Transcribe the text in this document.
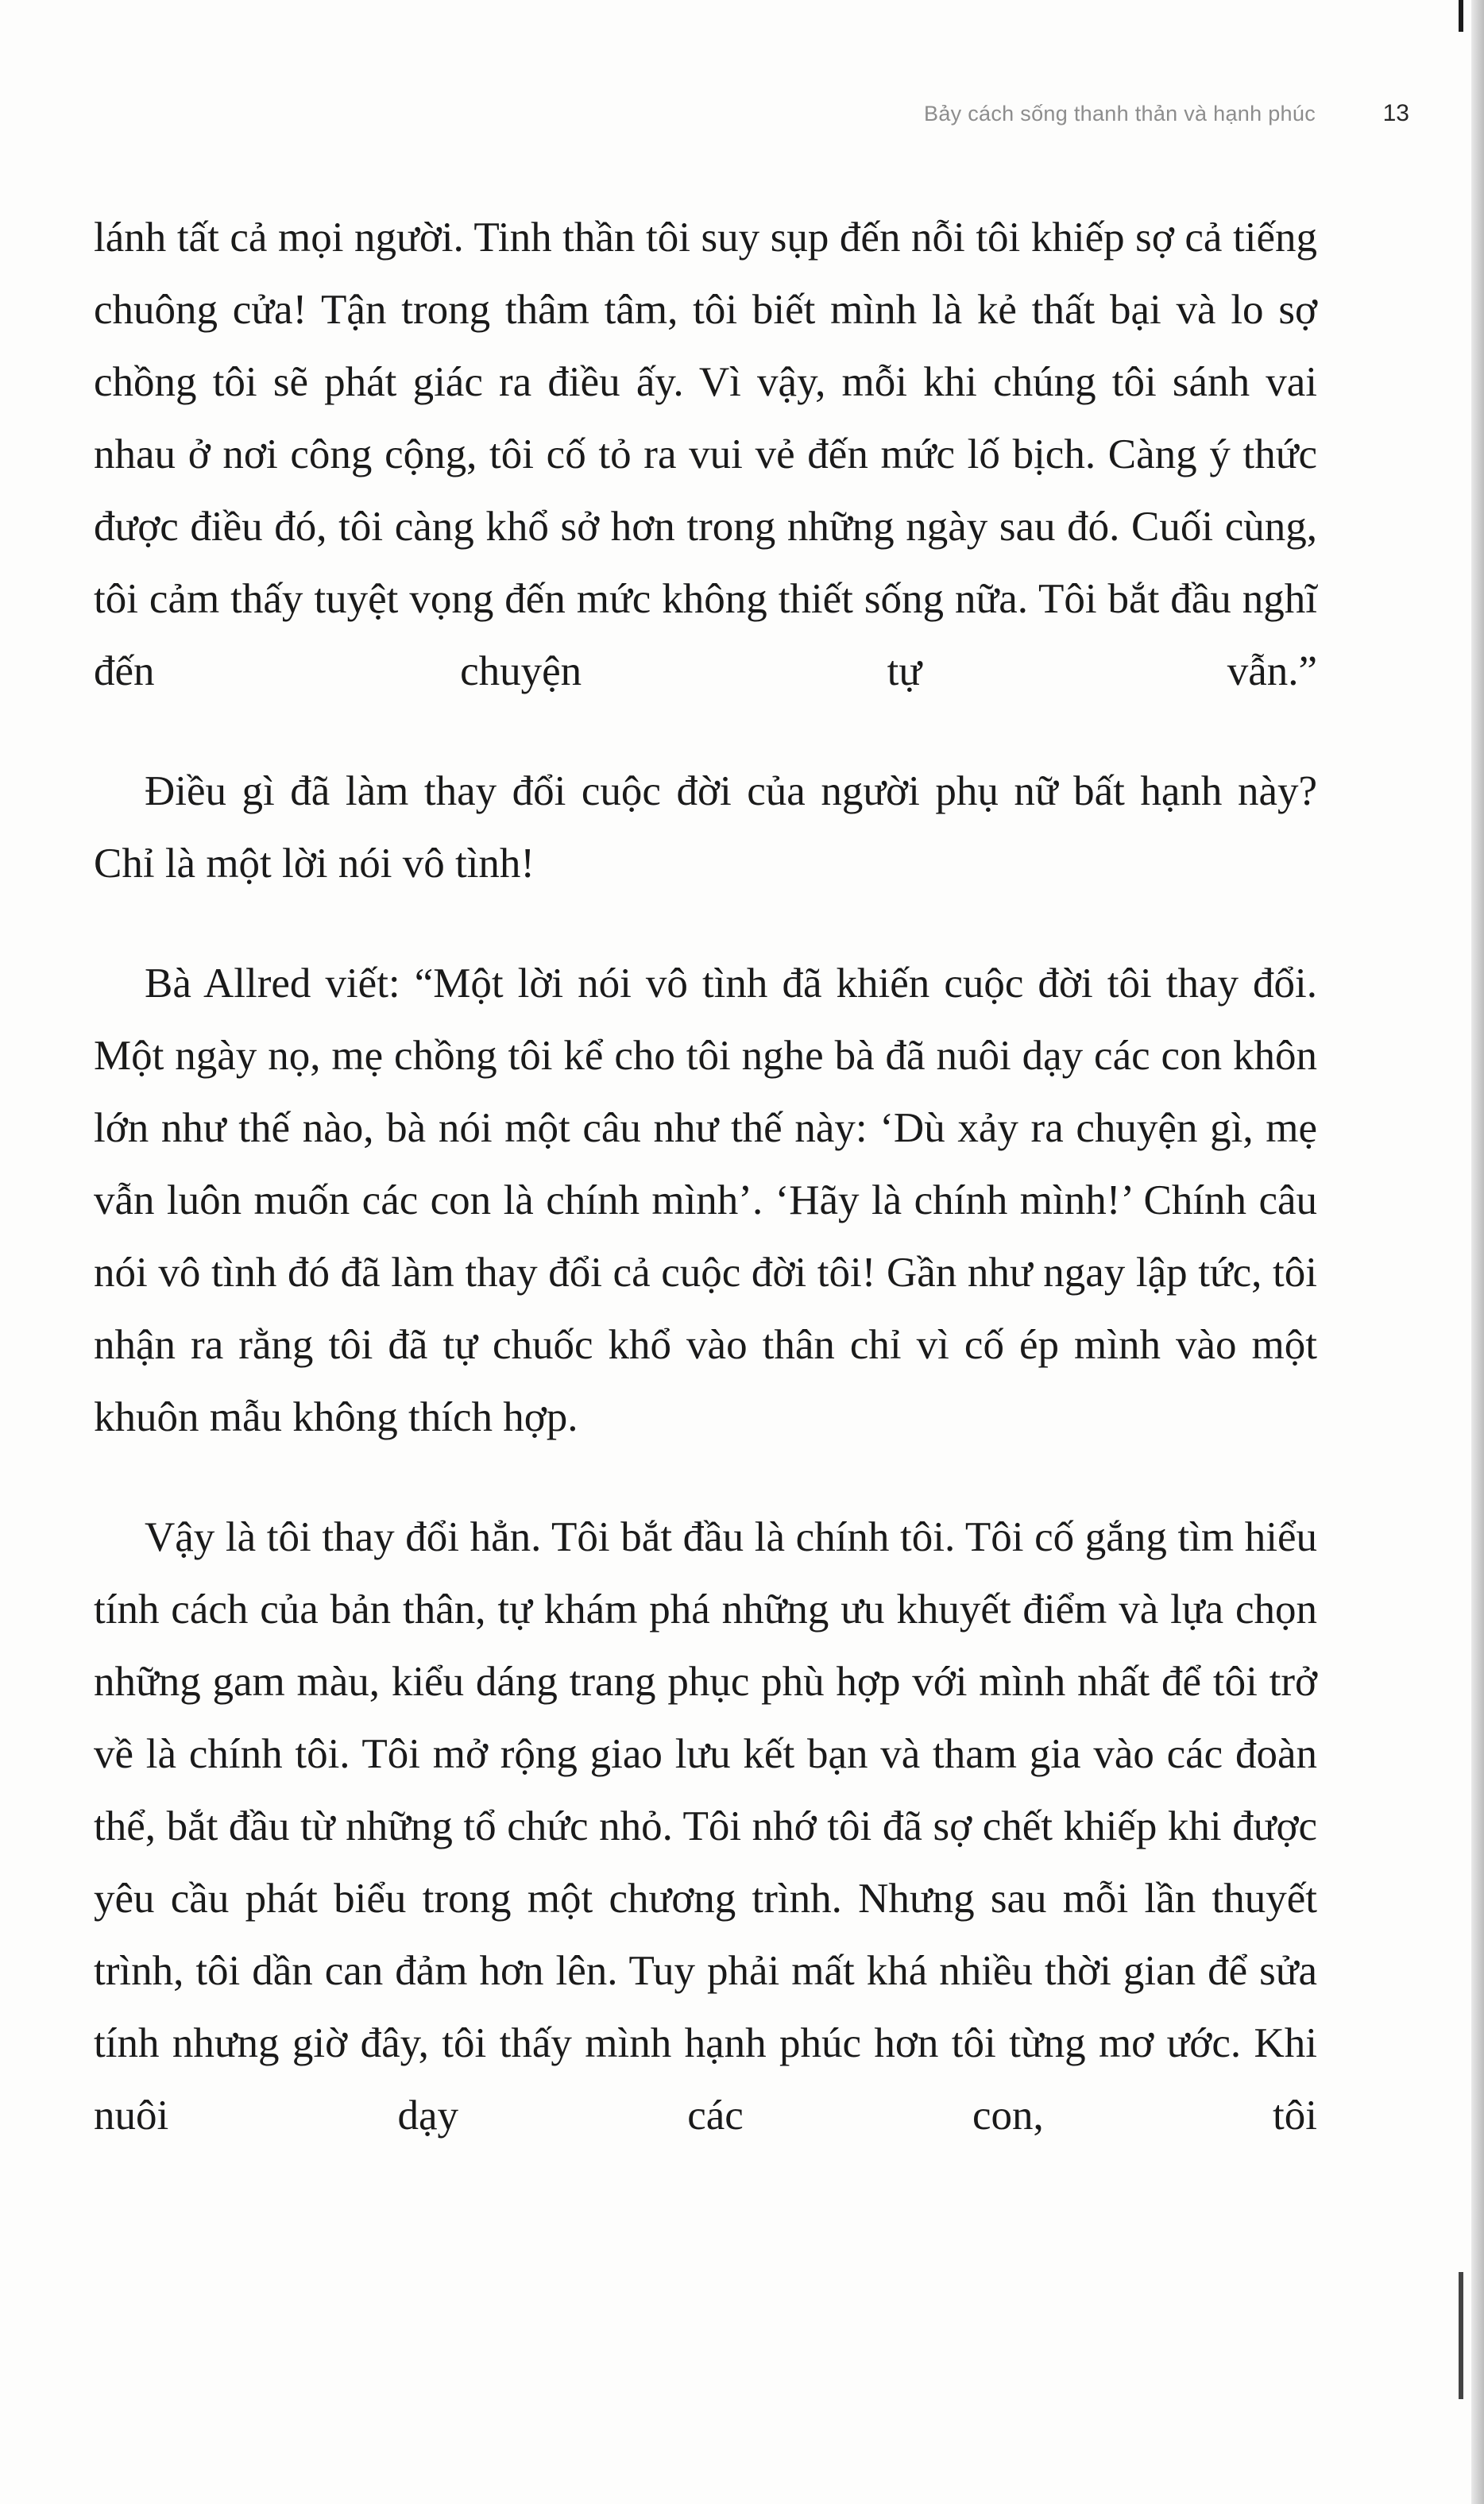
Bảy cách sống thanh thản và hạnh phúc	13

lánh tất cả mọi người. Tinh thần tôi suy sụp đến nỗi tôi khiếp sợ cả tiếng chuông cửa! Tận trong thâm tâm, tôi biết mình là kẻ thất bại và lo sợ chồng tôi sẽ phát giác ra điều ấy. Vì vậy, mỗi khi chúng tôi sánh vai nhau ở nơi công cộng, tôi cố tỏ ra vui vẻ đến mức lố bịch. Càng ý thức được điều đó, tôi càng khổ sở hơn trong những ngày sau đó. Cuối cùng, tôi cảm thấy tuyệt vọng đến mức không thiết sống nữa. Tôi bắt đầu nghĩ đến chuyện tự vẫn.”

Điều gì đã làm thay đổi cuộc đời của người phụ nữ bất hạnh này? Chỉ là một lời nói vô tình!

Bà Allred viết: “Một lời nói vô tình đã khiến cuộc đời tôi thay đổi. Một ngày nọ, mẹ chồng tôi kể cho tôi nghe bà đã nuôi dạy các con khôn lớn như thế nào, bà nói một câu như thế này: ‘Dù xảy ra chuyện gì, mẹ vẫn luôn muốn các con là chính mình’. ‘Hãy là chính mình!’ Chính câu nói vô tình đó đã làm thay đổi cả cuộc đời tôi! Gần như ngay lập tức, tôi nhận ra rằng tôi đã tự chuốc khổ vào thân chỉ vì cố ép mình vào một khuôn mẫu không thích hợp.

Vậy là tôi thay đổi hẳn. Tôi bắt đầu là chính tôi. Tôi cố gắng tìm hiểu tính cách của bản thân, tự khám phá những ưu khuyết điểm và lựa chọn những gam màu, kiểu dáng trang phục phù hợp với mình nhất để tôi trở về là chính tôi. Tôi mở rộng giao lưu kết bạn và tham gia vào các đoàn thể, bắt đầu từ những tổ chức nhỏ. Tôi nhớ tôi đã sợ chết khiếp khi được yêu cầu phát biểu trong một chương trình. Nhưng sau mỗi lần thuyết trình, tôi dần can đảm hơn lên. Tuy phải mất khá nhiều thời gian để sửa tính nhưng giờ đây, tôi thấy mình hạnh phúc hơn tôi từng mơ ước. Khi nuôi dạy các con, tôi
